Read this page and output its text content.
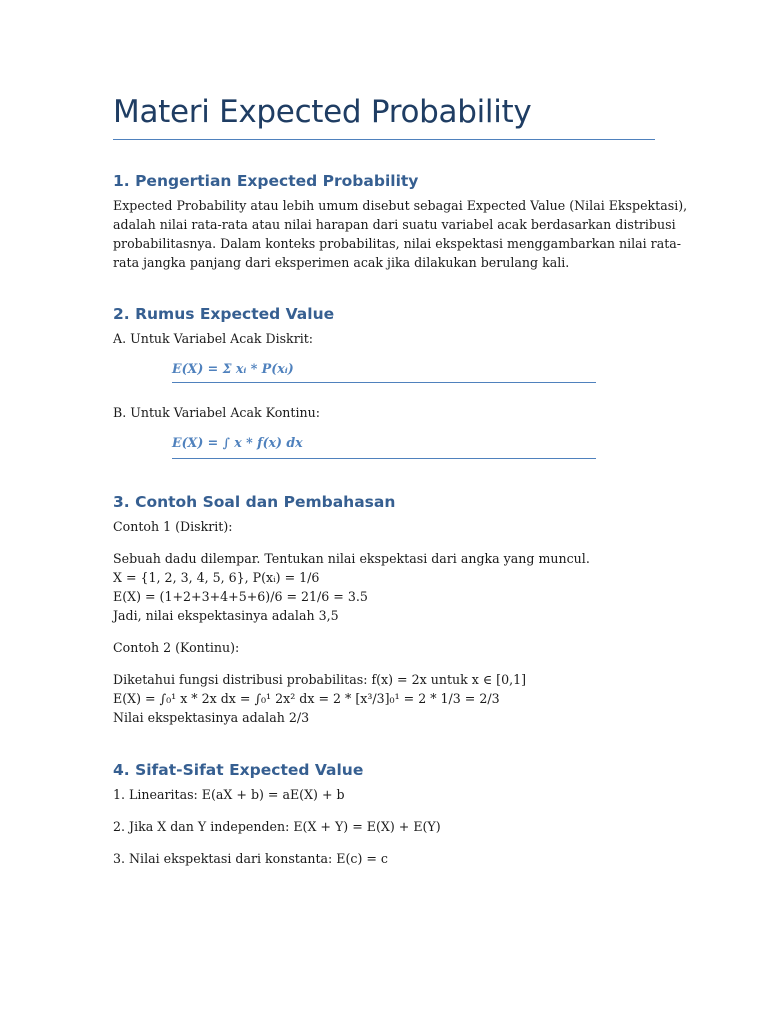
Materi Expected Probability
1. Pengertian Expected Probability

Expected Probability atau lebih umum disebut sebagai Expected Value (Nilai Ekspektasi),

adalah nilai rata-rata atau nilai harapan dari suatu variabel acak berdasarkan distribusi

probabilitasnya. Dalam konteks probabilitas, nilai ekspektasi menggambarkan nilai rata-

rata jangka panjang dari eksperimen acak jika dilakukan berulang kali.

2. Rumus Expected Value

A. Untuk Variabel Acak Diskrit:

E(X) = Σ xᵢ * P(xᵢ)

B. Untuk Variabel Acak Kontinu:

E(X) = ∫ x * f(x) dx
3. Contoh Soal dan Pembahasan

Contoh 1 (Diskrit):

Sebuah dadu dilempar. Tentukan nilai ekspektasi dari angka yang muncul.

X = {1, 2, 3, 4, 5, 6}, P(xᵢ) = 1/6

E(X) = (1+2+3+4+5+6)/6 = 21/6 = 3.5

Jadi, nilai ekspektasinya adalah 3,5

Contoh 2 (Kontinu):

Diketahui fungsi distribusi probabilitas: f(x) = 2x untuk x ∈ [0,1]

E(X) = ∫₀¹ x * 2x dx = ∫₀¹ 2x² dx = 2 * [x³/3]₀¹ = 2 * 1/3 = 2/3

Nilai ekspektasinya adalah 2/3

4. Sifat-Sifat Expected Value

1. Linearitas: E(aX + b) = aE(X) + b

2. Jika X dan Y independen: E(X + Y) = E(X) + E(Y)

3. Nilai ekspektasi dari konstanta: E(c) = c
